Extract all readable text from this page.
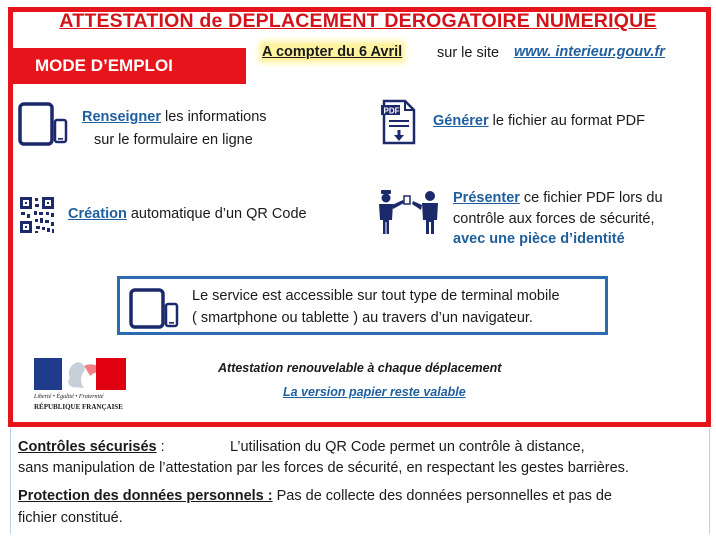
ATTESTATION de DEPLACEMENT DEROGATOIRE NUMERIQUE
MODE D’EMPLOI
A compter du 6 Avril sur le site www. interieur.gouv.fr
Renseigner les informations
sur le formulaire en ligne
PDF
Générer le fichier au format PDF
Création automatique d’un QR Code
Présenter ce fichier PDF lors du
contrôle aux forces de sécurité,
avec une pièce d’identité
Le service est accessible sur tout type de terminal mobile
( smartphone ou tablette ) au travers d’un navigateur.
Liberté • Égalité • Fraternité
RÉPUBLIQUE FRANÇAISE
Attestation renouvelable à chaque déplacement
La version papier reste valable
Contrôles sécurisés :	L’utilisation du QR Code permet un contrôle à distance,
sans manipulation de l’attestation par les forces de sécurité, en respectant les gestes barrières.
Protection des données personnels : Pas de collecte des données personnelles et pas de
fichier constitué.
